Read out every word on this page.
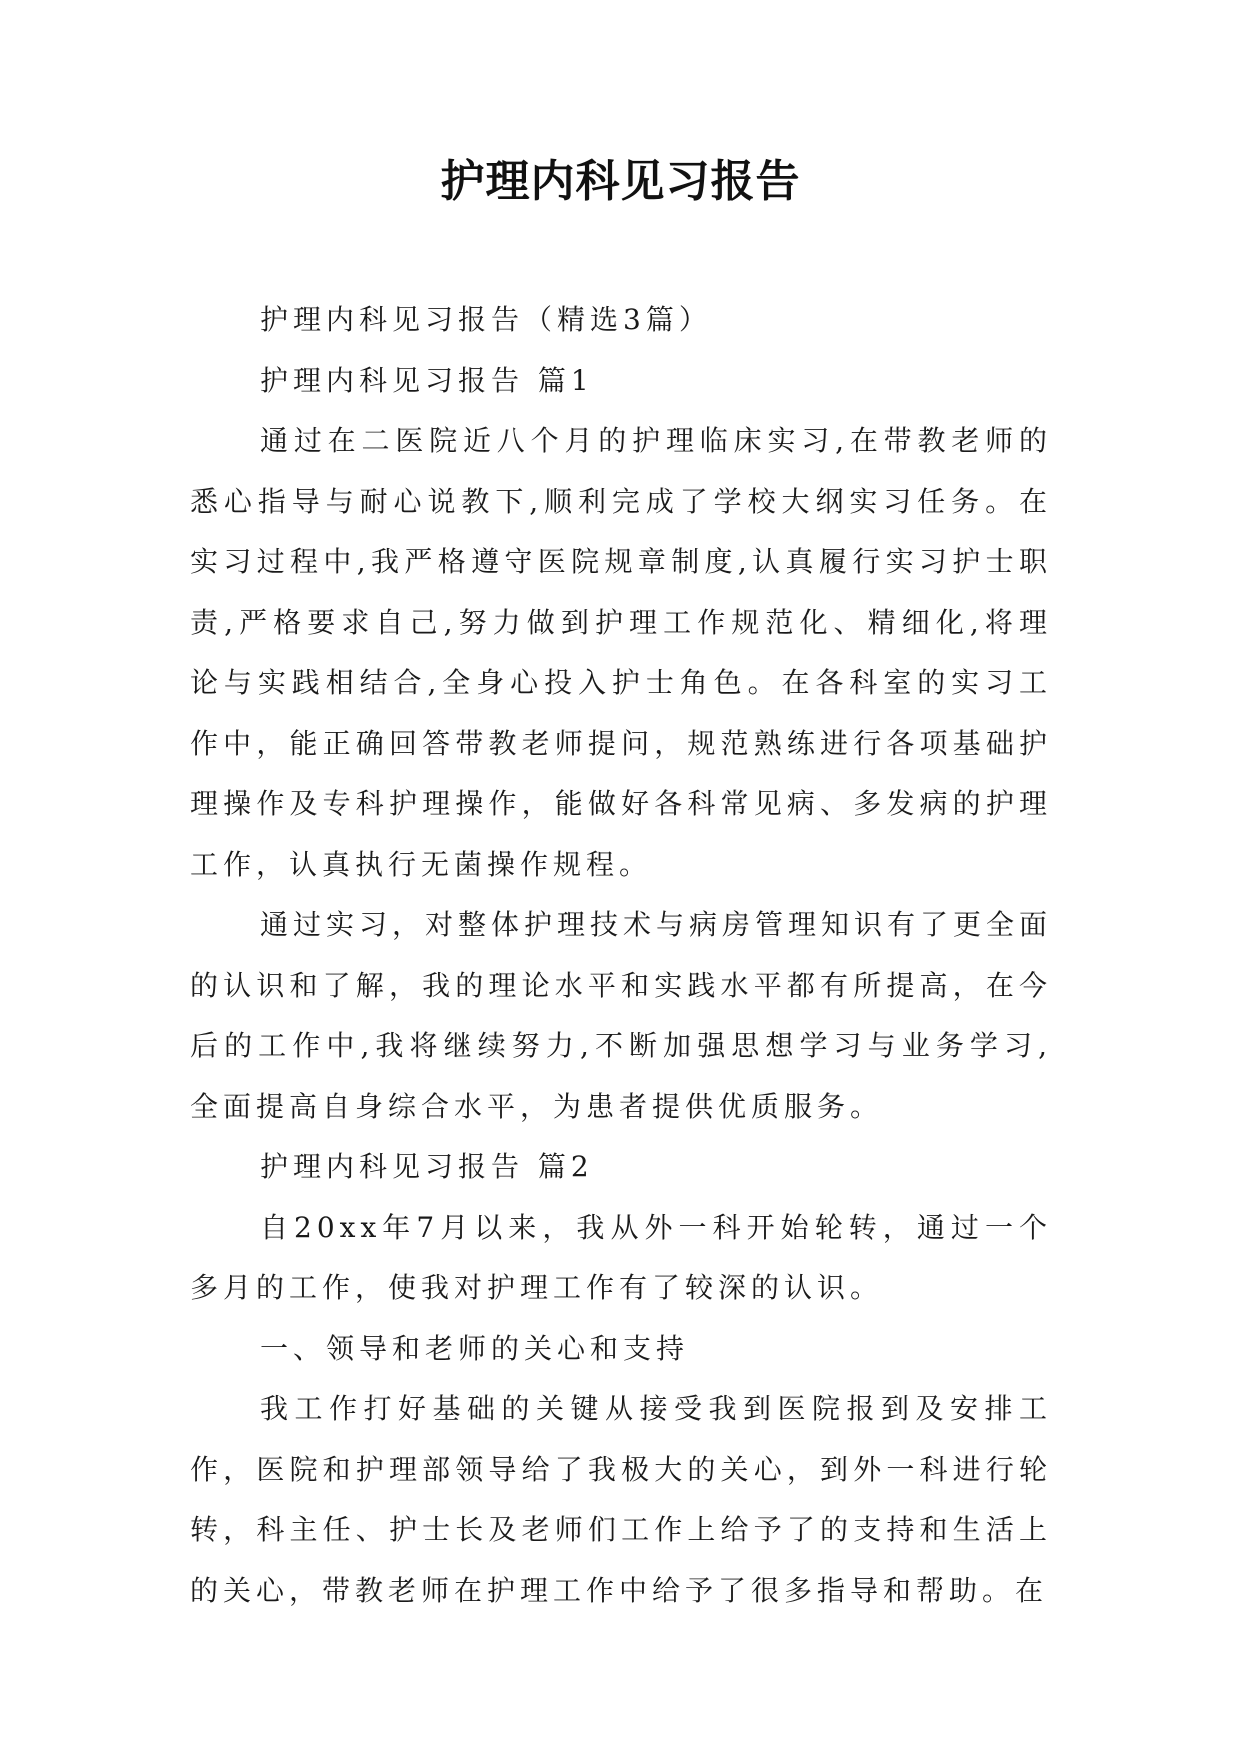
护理内科见习报告

护理内科见习报告（精选3篇）

护理内科见习报告 篇1

通过在二医院近八个月的护理临床实习,在带教老师的悉心指导与耐心说教下,顺利完成了学校大纲实习任务。在实习过程中,我严格遵守医院规章制度,认真履行实习护士职责,严格要求自己,努力做到护理工作规范化、精细化,将理论与实践相结合,全身心投入护士角色。在各科室的实习工作中，能正确回答带教老师提问，规范熟练进行各项基础护理操作及专科护理操作，能做好各科常见病、多发病的护理工作，认真执行无菌操作规程。

通过实习，对整体护理技术与病房管理知识有了更全面的认识和了解，我的理论水平和实践水平都有所提高，在今后的工作中,我将继续努力,不断加强思想学习与业务学习,全面提高自身综合水平，为患者提供优质服务。

护理内科见习报告 篇2

自20xx年7月以来，我从外一科开始轮转，通过一个多月的工作，使我对护理工作有了较深的认识。

一、领导和老师的关心和支持

我工作打好基础的关键从接受我到医院报到及安排工作，医院和护理部领导给了我极大的关心，到外一科进行轮转，科主任、护士长及老师们工作上给予了的支持和生活上的关心，带教老师在护理工作中给予了很多指导和帮助。在
